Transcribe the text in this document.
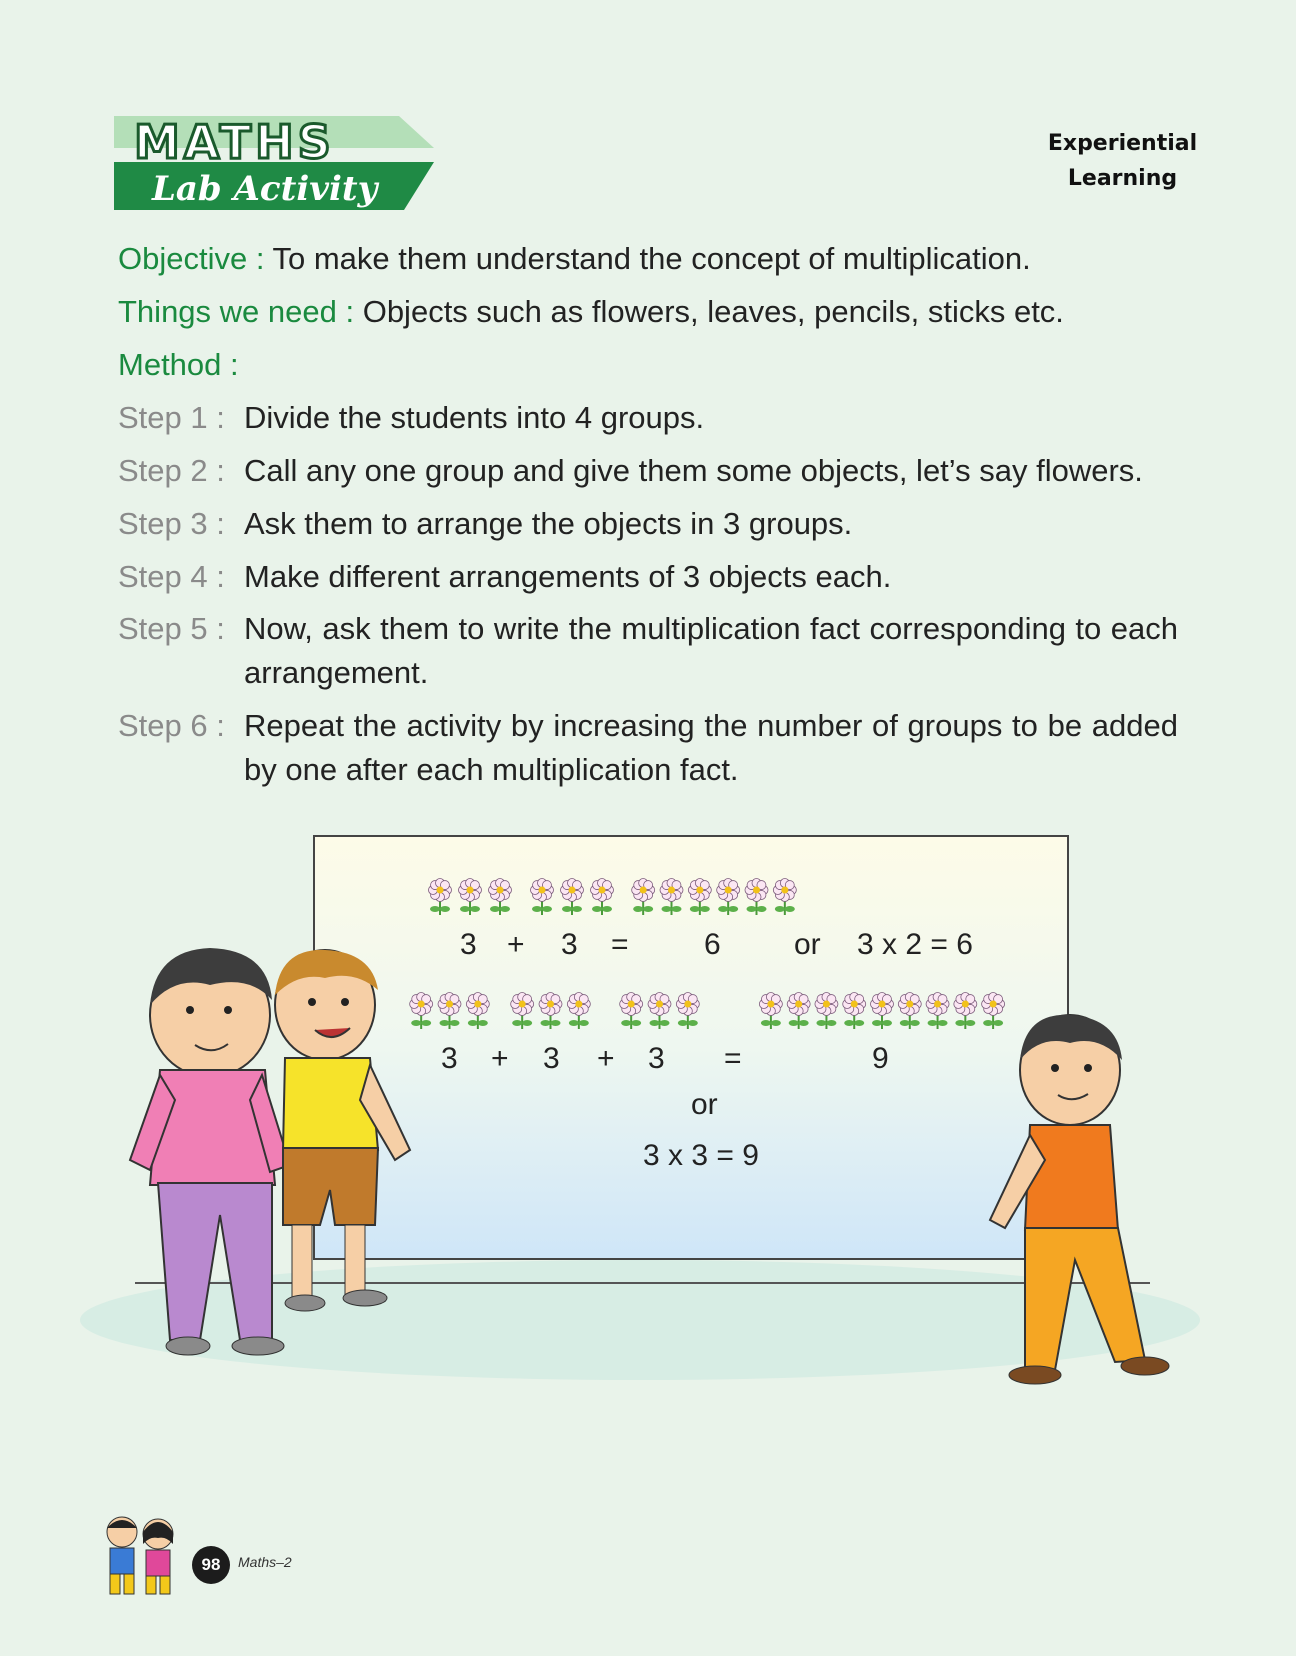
MATHS
Lab Activity
Experiential
Learning
Objective : To make them understand the concept of multiplication.
Things we need : Objects such as flowers, leaves, pencils, sticks etc.
Method :
Step 1 : Divide the students into 4 groups.
Step 2 : Call any one group and give them some objects, let’s say flowers.
Step 3 : Ask them to arrange the objects in 3 groups.
Step 4 : Make different arrangements of 3 objects each.
Step 5 : Now, ask them to write the multiplication fact corresponding to each arrangement.
Step 6 : Repeat the activity by increasing the number of groups to be added by one after each multiplication fact.
3 + 3 =	6 or 3 x 2 = 6
3 + 3 + 3 =	9
or
3 x 3 = 9
98	Maths–2
